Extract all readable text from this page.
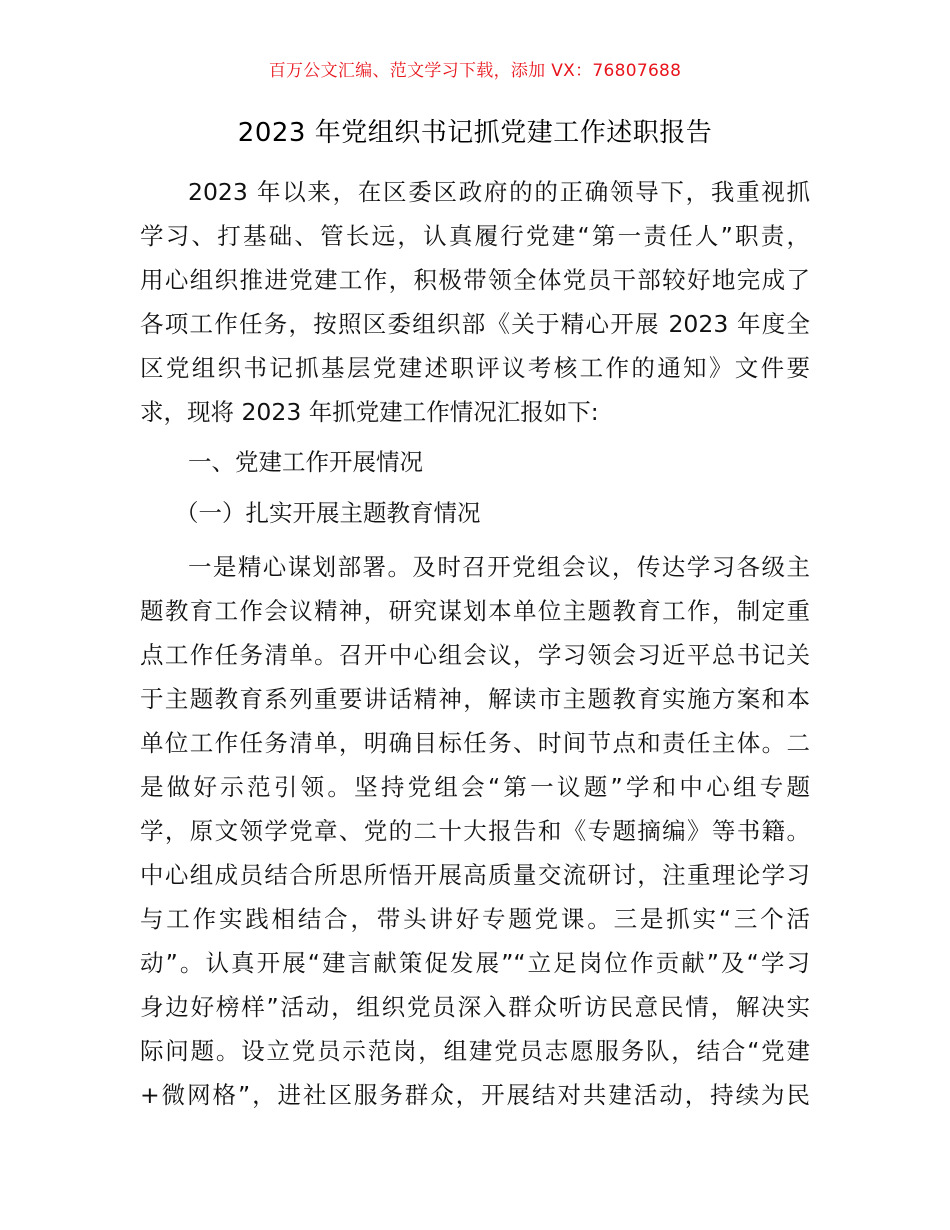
百万公文汇编、范文学习下载，添加 VX：76807688
2023 年党组织书记抓党建工作述职报告
2023 年以来，在区委区政府的的正确领导下，我重视抓
学习、打基础、管长远，认真履行党建“第一责任人”职责，
用心组织推进党建工作，积极带领全体党员干部较好地完成了
各项工作任务，按照区委组织部《关于精心开展 2023 年度全
区党组织书记抓基层党建述职评议考核工作的通知》文件要
求，现将 2023 年抓党建工作情况汇报如下:
一、党建工作开展情况
（一）扎实开展主题教育情况
一是精心谋划部署。及时召开党组会议，传达学习各级主
题教育工作会议精神，研究谋划本单位主题教育工作，制定重
点工作任务清单。召开中心组会议，学习领会习近平总书记关
于主题教育系列重要讲话精神，解读市主题教育实施方案和本
单位工作任务清单，明确目标任务、时间节点和责任主体。二
是做好示范引领。坚持党组会“第一议题”学和中心组专题
学，原文领学党章、党的二十大报告和《专题摘编》等书籍。
中心组成员结合所思所悟开展高质量交流研讨，注重理论学习
与工作实践相结合，带头讲好专题党课。三是抓实“三个活
动”。认真开展“建言献策促发展”“立足岗位作贡献”及“学习
身边好榜样”活动，组织党员深入群众听访民意民情，解决实
际问题。设立党员示范岗，组建党员志愿服务队，结合“党建
+微网格”，进社区服务群众，开展结对共建活动，持续为民
